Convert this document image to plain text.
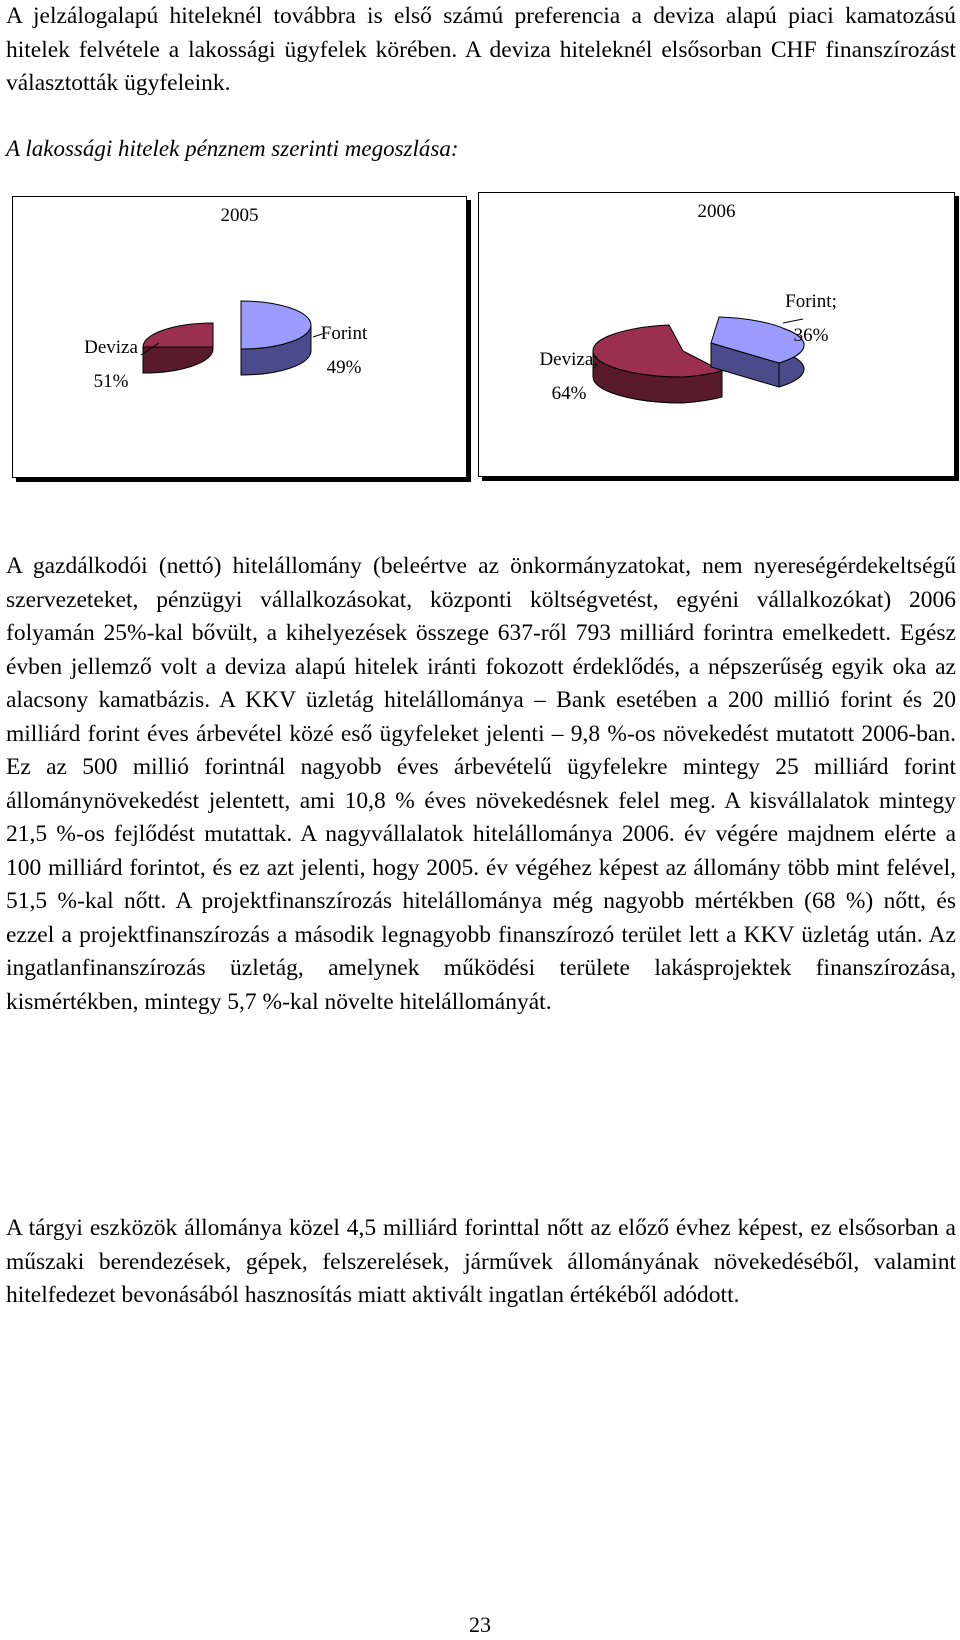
A jelzálogalapú hiteleknél továbbra is első számú preferencia a deviza alapú piaci kamatozású hitelek felvétele a lakossági ügyfelek körében. A deviza hiteleknél elsősorban CHF finanszírozást választották ügyfeleink.

A lakossági hitelek pénznem szerinti megoszlása:

2005
Deviza
51%
Forint
49%
2006
Deviza;
64%
Forint;
36%

A gazdálkodói (nettó) hitelállomány (beleértve az önkormányzatokat, nem nyereségérdekeltségű szervezeteket, pénzügyi vállalkozásokat, központi költségvetést, egyéni vállalkozókat) 2006 folyamán 25%-kal bővült, a kihelyezések összege 637-ről 793 milliárd forintra emelkedett. Egész évben jellemző volt a deviza alapú hitelek iránti fokozott érdeklődés, a népszerűség egyik oka az alacsony kamatbázis. A KKV üzletág hitelállománya – Bank esetében a 200 millió forint és 20 milliárd forint éves árbevétel közé eső ügyfeleket jelenti – 9,8 %-os növekedést mutatott 2006-ban. Ez az 500 millió forintnál nagyobb éves árbevételű ügyfelekre mintegy 25 milliárd forint állománynövekedést jelentett, ami 10,8 % éves növekedésnek felel meg. A kisvállalatok mintegy 21,5 %-os fejlődést mutattak. A nagyvállalatok hitelállománya 2006. év végére majdnem elérte a 100 milliárd forintot, és ez azt jelenti, hogy 2005. év végéhez képest az állomány több mint felével, 51,5 %-kal nőtt. A projektfinanszírozás hitelállománya még nagyobb mértékben (68 %) nőtt, és ezzel a projektfinanszírozás a második legnagyobb finanszírozó terület lett a KKV üzletág után. Az ingatlanfinanszírozás üzletág, amelynek működési területe lakásprojektek finanszírozása, kismértékben, mintegy 5,7 %-kal növelte hitelállományát.

A tárgyi eszközök állománya közel 4,5 milliárd forinttal nőtt az előző évhez képest, ez elsősorban a műszaki berendezések, gépek, felszerelések, járművek állományának növekedéséből, valamint hitelfedezet bevonásából hasznosítás miatt aktivált ingatlan értékéből adódott.

23
